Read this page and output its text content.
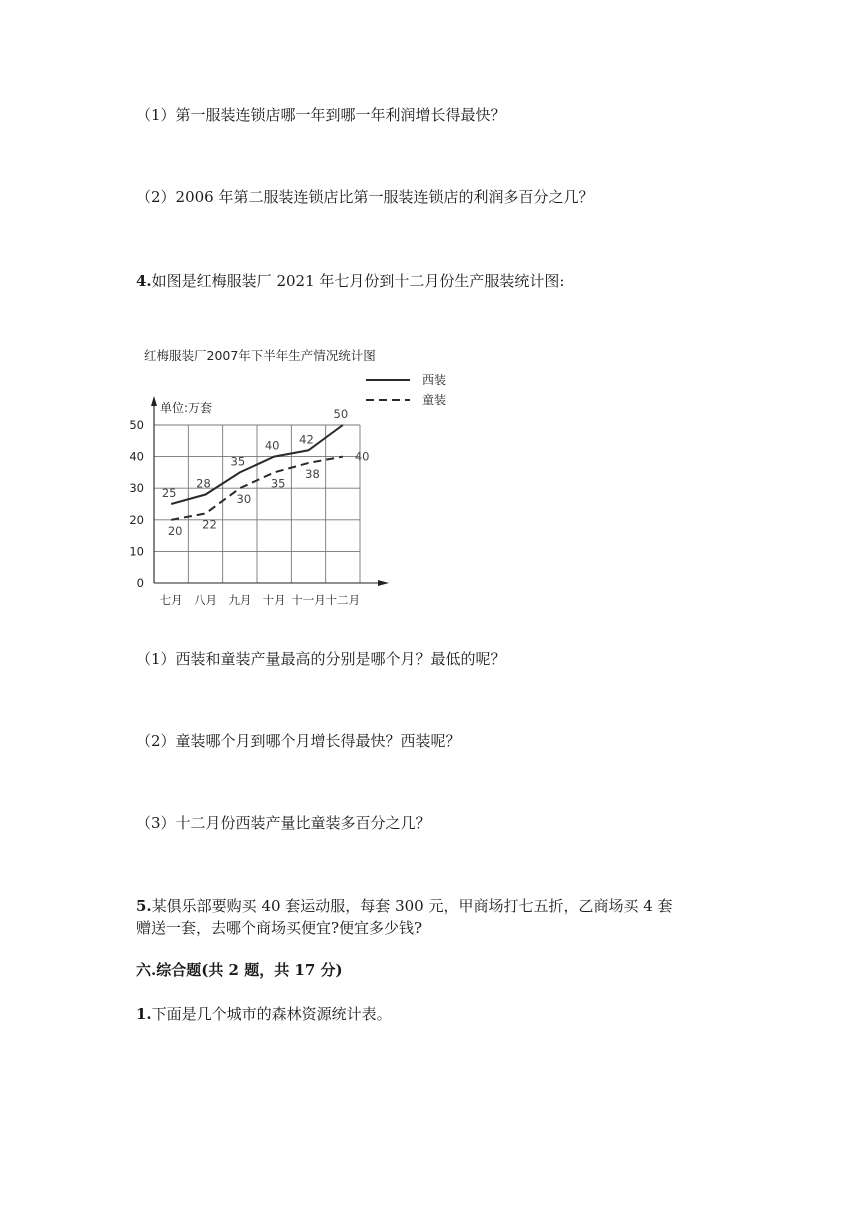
（1）第一服装连锁店哪一年到哪一年利润增长得最快？
（2）2006 年第二服装连锁店比第一服装连锁店的利润多百分之几？
4.如图是红梅服装厂 2021 年七月份到十二月份生产服装统计图:
红梅服装厂2007年下半年生产情况统计图
单位:万套
0
10
20
30
40
50
七月 八月 九月 十月 十一月 十二月
25
28
35
40 42
50
20 22
30
35
38
40
西装
童装
（1）西装和童装产量最高的分别是哪个月？最低的呢？
（2）童装哪个月到哪个月增长得最快？西装呢？
（3）十二月份西装产量比童装多百分之几？
5.某俱乐部要购买 40 套运动服，每套 300 元，甲商场打七五折，乙商场买 4 套
赠送一套，去哪个商场买便宜?便宜多少钱?
六.综合题(共 2 题，共 17 分)
1.下面是几个城市的森林资源统计表。
